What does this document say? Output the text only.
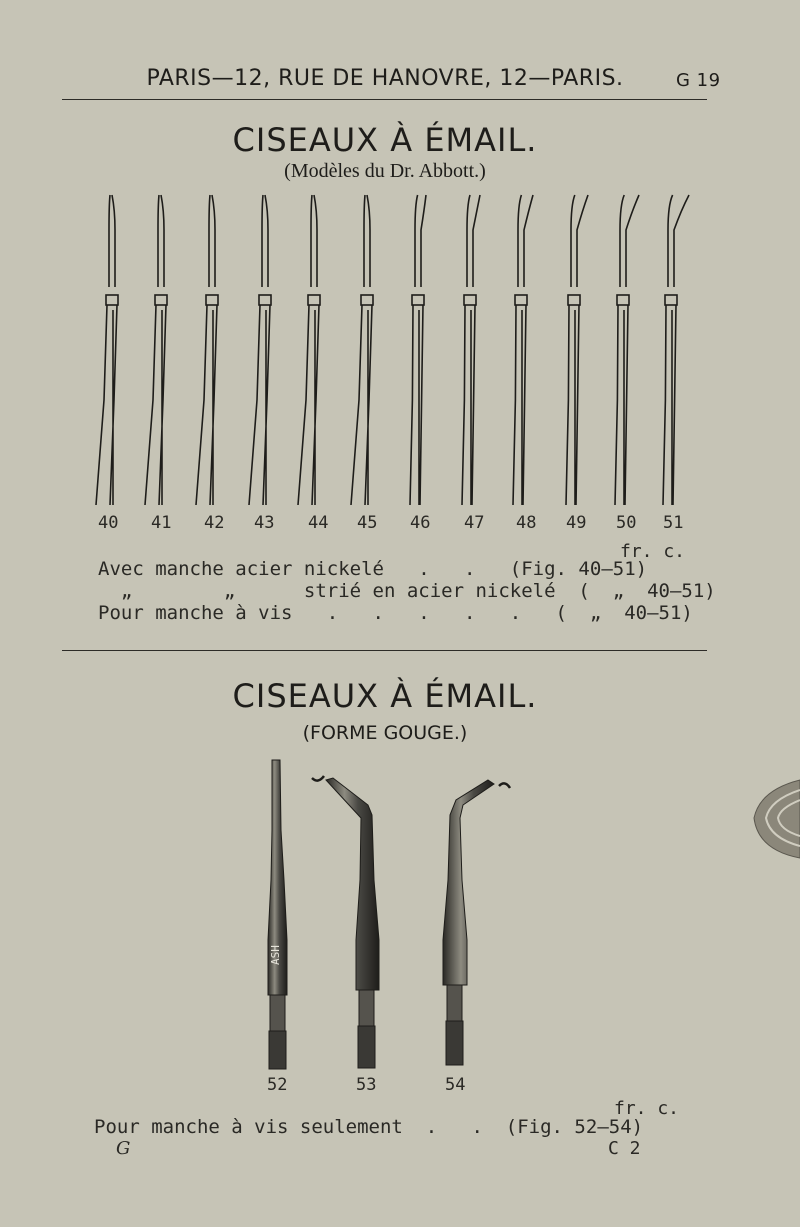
PARIS—12, RUE DE HANOVRE, 12—PARIS.	G 19
CISEAUX À ÉMAIL.
(Modèles du Dr. Abbott.)
40 41 42 43 44 45 46 47 48 49 50 51
fr. c.
Avec manche acier nickelé   .   .   (Fig. 40–51)
„        „      strié en acier nickelé  (  „  40–51)
Pour manche à vis   .   .   .   .   .   (  „  40–51)
CISEAUX À ÉMAIL.
(FORME GOUGE.)
ASH
52	53	54
fr. c.
Pour manche à vis seulement  .   .  (Fig. 52–54)
G	C 2
